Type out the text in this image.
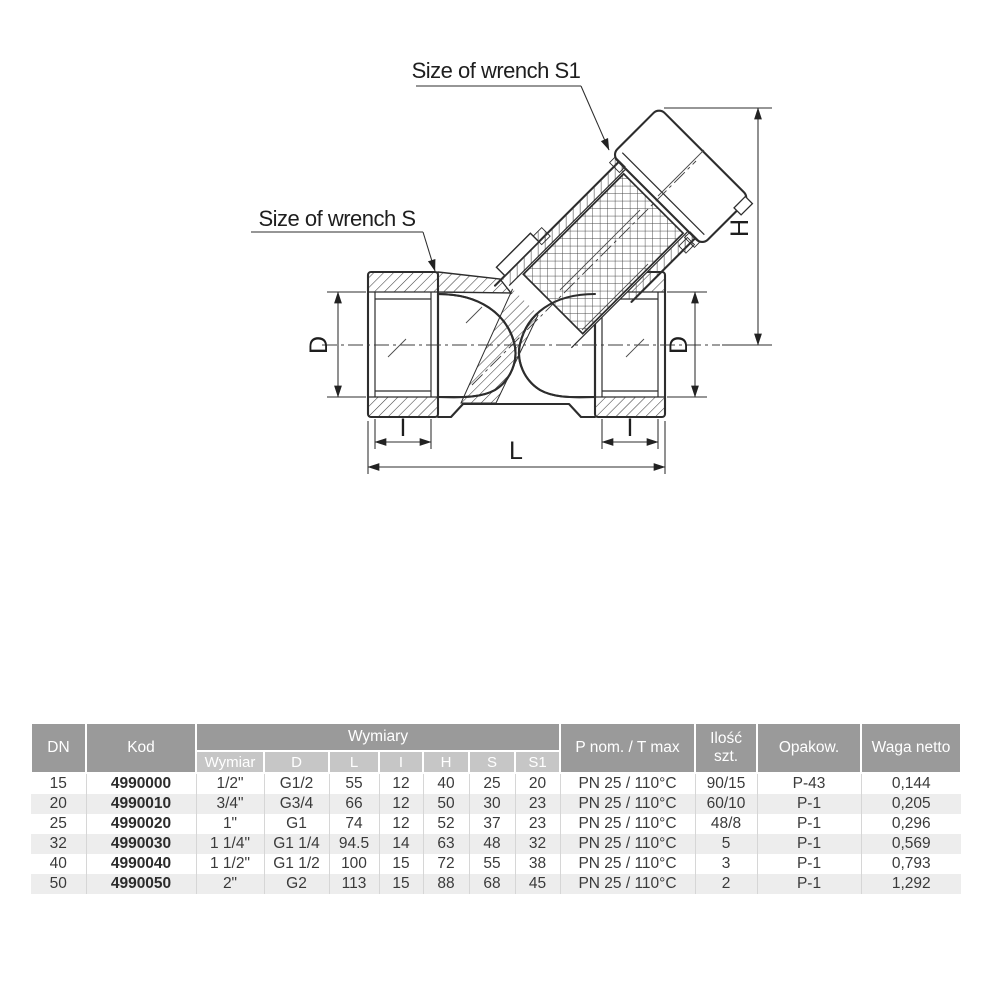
Size of wrench S1
Size of wrench S
D	D
H
I	I
L
DN	Kod	Wymiary							P nom. / T max	Ilość szt.	Opakow.	Waga netto
		Wymiar	D	L	I	H	S	S1				
15	4990000	1/2"	G1/2	55	12	40	25	20	PN 25 / 110°C	90/15	P-43	0,144
20	4990010	3/4"	G3/4	66	12	50	30	23	PN 25 / 110°C	60/10	P-1	0,205
25	4990020	1"	G1	74	12	52	37	23	PN 25 / 110°C	48/8	P-1	0,296
32	4990030	1 1/4"	G1 1/4	94.5	14	63	48	32	PN 25 / 110°C	5	P-1	0,569
40	4990040	1 1/2"	G1 1/2	100	15	72	55	38	PN 25 / 110°C	3	P-1	0,793
50	4990050	2"	G2	113	15	88	68	45	PN 25 / 110°C	2	P-1	1,292
